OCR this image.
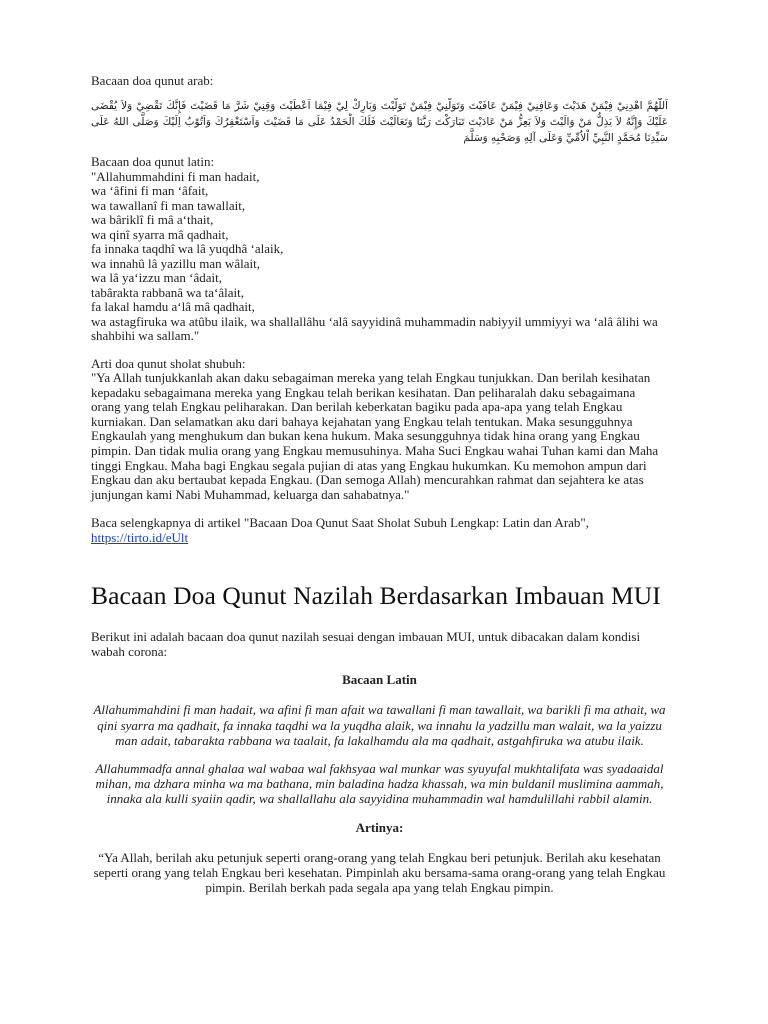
Bacaan doa qunut arab:

اَللّٰهُمَّ اهْدِنِيْ فِيْمَنْ هَدَيْتَ وَعَافِنِيْ فِيْمَنْ عَافَيْتَ وَتَوَلَّنِيْ فِيْمَنْ تَوَلَّيْتَ وَبَارِكْ لِيْ فِيْمَا اَعْطَيْتَ وَقِنِيْ شَرَّ مَا قَضَيْتَ فَإِنَّكَ تَقْضِيْ وَلاَ يُقْضَى عَلَيْكَ وَإِنَّهُ لاَ يَذِلُّ مَنْ وَالَيْتَ وَلاَ يَعِزُّ مَنْ عَادَيْتَ تَبَارَكْتَ رَبَّنَا وَتَعَالَيْتَ فَلَكَ الْحَمْدُ عَلَى مَا قَضَيْتَ وَاَسْتَغْفِرُكَ وَاَتُوْبُ اِلَيْكَ وَصَلَّى اللهُ عَلَى سَيِّدِنَا مُحَمَّدٍ النَّبِيِّ اْلاُمِّيِّ وَعَلَى آلِهِ وَصَحْبِهِ وَسَلَّمَ

Bacaan doa qunut latin:
"Allahummahdini fi man hadait,
wa ‘âfini fi man ‘âfait,
wa tawallanî fi man tawallait,
wa bâriklî fi mâ a‘thait,
wa qinî syarra mâ qadhait,
fa innaka taqdhî wa lâ yuqdhâ ‘alaik,
wa innahû lâ yazillu man wâlait,
wa lâ ya‘izzu man ‘âdait,
tabârakta rabbanâ wa ta‘âlait,
fa lakal hamdu a‘lâ mâ qadhait,
wa astagfiruka wa atûbu ilaik, wa shallallâhu ‘alâ sayyidinâ muhammadin nabiyyil ummiyyi wa ‘alâ âlihi wa shahbihi wa sallam."

Arti doa qunut sholat shubuh:

"Ya Allah tunjukkanlah akan daku sebagaiman mereka yang telah Engkau tunjukkan. Dan berilah kesihatan kepadaku sebagaimana mereka yang Engkau telah berikan kesihatan. Dan peliharalah daku sebagaimana orang yang telah Engkau peliharakan. Dan berilah keberkatan bagiku pada apa-apa yang telah Engkau kurniakan. Dan selamatkan aku dari bahaya kejahatan yang Engkau telah tentukan. Maka sesungguhnya Engkaulah yang menghukum dan bukan kena hukum. Maka sesungguhnya tidak hina orang yang Engkau pimpin. Dan tidak mulia orang yang Engkau memusuhinya. Maha Suci Engkau wahai Tuhan kami dan Maha tinggi Engkau. Maha bagi Engkau segala pujian di atas yang Engkau hukumkan. Ku memohon ampun dari Engkau dan aku bertaubat kepada Engkau. (Dan semoga Allah) mencurahkan rahmat dan sejahtera ke atas junjungan kami Nabi Muhammad, keluarga dan sahabatnya."

Baca selengkapnya di artikel "Bacaan Doa Qunut Saat Sholat Subuh Lengkap: Latin dan Arab",
https://tirto.id/eUlt

Bacaan Doa Qunut Nazilah Berdasarkan Imbauan MUI

Berikut ini adalah bacaan doa qunut nazilah sesuai dengan imbauan MUI, untuk dibacakan dalam kondisi wabah corona:

Bacaan Latin

Allahummahdini fi man hadait, wa afini fi man afait wa tawallani fi man tawallait, wa barikli fi ma athait, wa qini syarra ma qadhait, fa innaka taqdhi wa la yuqdha alaik, wa innahu la yadzillu man walait, wa la yaizzu man adait, tabarakta rabbana wa taalait, fa lakalhamdu ala ma qadhait, astgahfiruka wa atubu ilaik.

Allahummadfa annal ghalaa wal wabaa wal fakhsyaa wal munkar was syuyufal mukhtalifata was syadaaidal mihan, ma dzhara minha wa ma bathana, min baladina hadza khassah, wa min buldanil muslimina aammah, innaka ala kulli syaiin qadir, wa shallallahu ala sayyidina muhammadin wal hamdulillahi rabbil alamin.

Artinya:

“Ya Allah, berilah aku petunjuk seperti orang-orang yang telah Engkau beri petunjuk. Berilah aku kesehatan seperti orang yang telah Engkau beri kesehatan. Pimpinlah aku bersama-sama orang-orang yang telah Engkau pimpin. Berilah berkah pada segala apa yang telah Engkau pimpin.
